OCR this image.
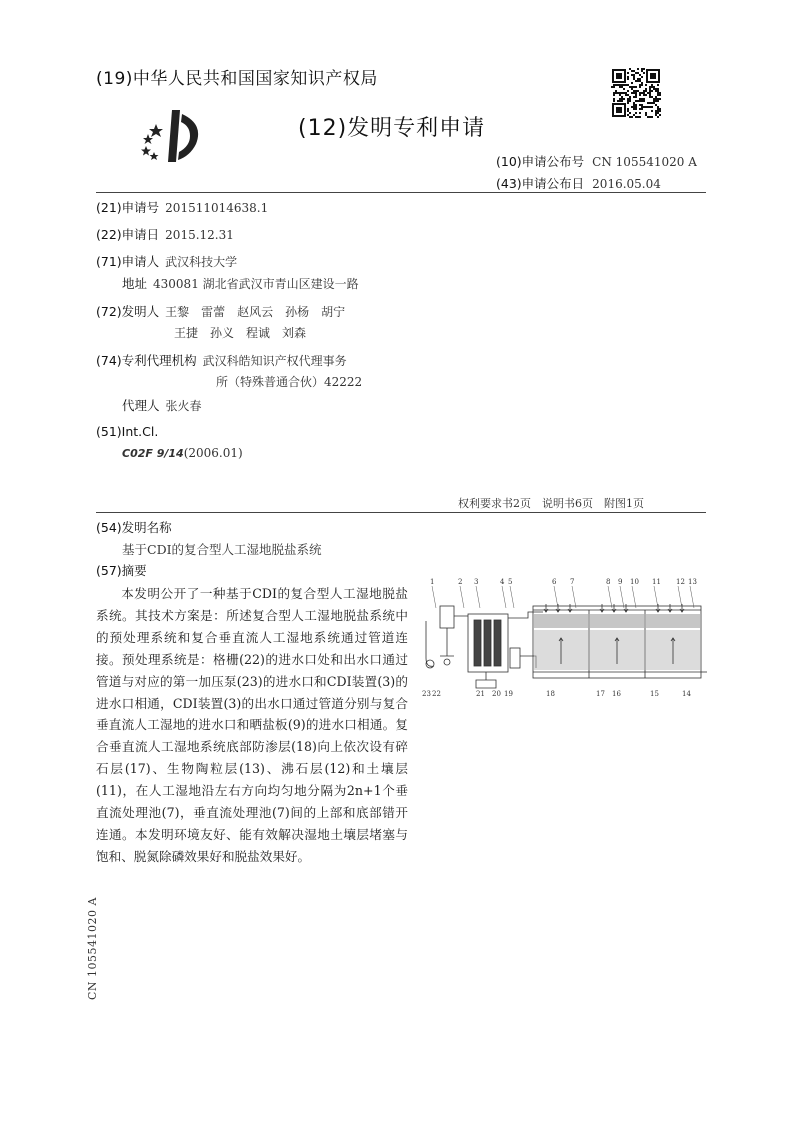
(19)中华人民共和国国家知识产权局
(12)发明专利申请
(10)申请公布号 CN 105541020 A
(43)申请公布日 2016.05.04
(21)申请号 201511014638.1
(22)申请日 2015.12.31
(71)申请人 武汉科技大学
地址 430081 湖北省武汉市青山区建设一路
(72)发明人 王黎　雷蕾　赵风云　孙杨　胡宁
王捷　孙义　程诚　刘森
(74)专利代理机构 武汉科皓知识产权代理事务
所（特殊普通合伙）42222
代理人 张火春
(51)Int.Cl.
C02F 9/14(2006.01)
权利要求书2页　说明书6页　附图1页
(54)发明名称
基于CDI的复合型人工湿地脱盐系统
(57)摘要
本发明公开了一种基于CDI的复合型人工湿地脱盐系统。其技术方案是：所述复合型人工湿地脱盐系统中的预处理系统和复合垂直流人工湿地系统通过管道连接。预处理系统是：格栅(22)的进水口处和出水口通过管道与对应的第一加压泵(23)的进水口和CDI装置(3)的进水口相通，CDI装置(3)的出水口通过管道分别与复合垂直流人工湿地的进水口和晒盐板(9)的进水口相通。复合垂直流人工湿地系统底部防渗层(18)向上依次设有碎石层(17)、生物陶粒层(13)、沸石层(12)和土壤层(11)，在人工湿地沿左右方向均匀地分隔为2n+1个垂直流处理池(7)，垂直流处理池(7)间的上部和底部错开连通。本发明环境友好、能有效解决湿地土壤层堵塞与饱和、脱氮除磷效果好和脱盐效果好。
1	2 3	4 5	6 7	8 9 10 11 12 13
23 22	21 20 19	18	17 16	15	14
CN 105541020 A
